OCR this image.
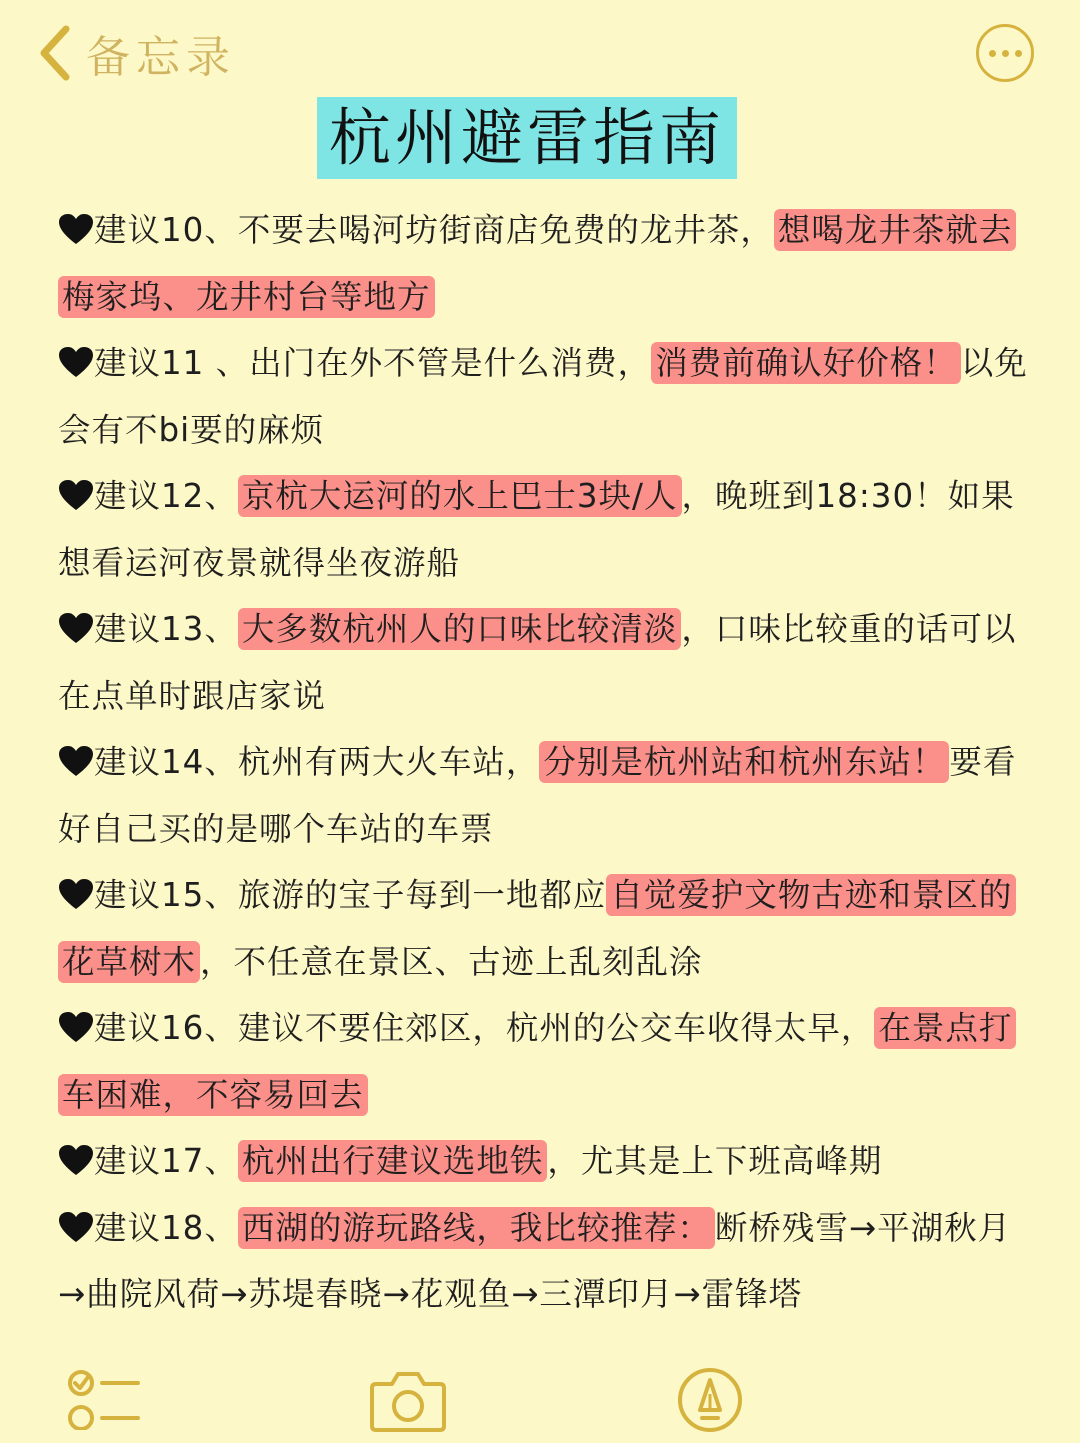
备忘录
杭州避雷指南
建议10、不要去喝河坊街商店免费的龙井茶， 想喝龙井茶就去梅家坞、龙井村台等地方
建议11 、出门在外不管是什么消费， 消费前确认好价格！ 以免会有不bi要的麻烦
建议12、 京杭大运河的水上巴士3块/人 ，晚班到18:30！如果想看运河夜景就得坐夜游船
建议13、 大多数杭州人的口味比较清淡 ，口味比较重的话可以在点单时跟店家说
建议14、杭州有两大火车站， 分别是杭州站和杭州东站！ 要看好自己买的是哪个车站的车票
建议15、旅游的宝子每到一地都应 自觉爱护文物古迹和景区的花草树木 ，不任意在景区、古迹上乱刻乱涂
建议16、建议不要住郊区，杭州的公交车收得太早， 在景点打车困难，不容易回去
建议17、 杭州出行建议选地铁 ，尤其是上下班高峰期
建议18、 西湖的游玩路线，我比较推荐： 断桥残雪→平湖秋月→曲院风荷→苏堤春晓→花观鱼→三潭印月→雷锋塔
